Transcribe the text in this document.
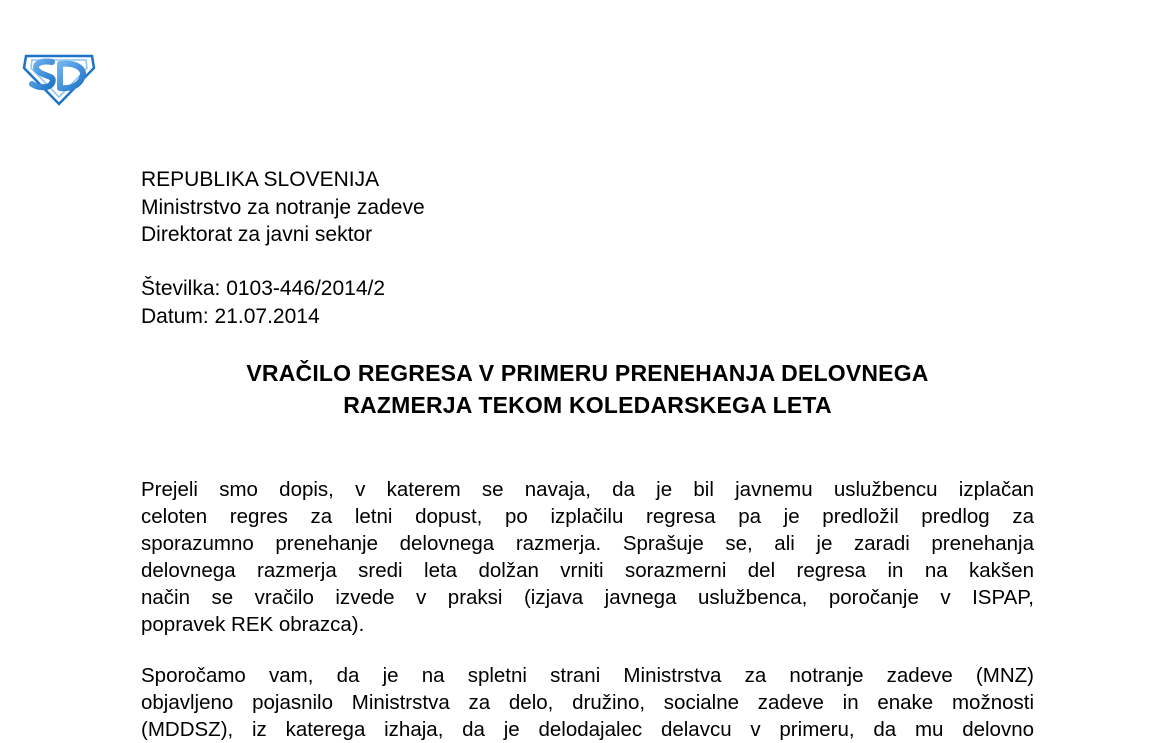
REPUBLIKA SLOVENIJA
Ministrstvo za notranje zadeve
Direktorat za javni sektor
Številka: 0103-446/2014/2
Datum: 21.07.2014
VRAČILO REGRESA V PRIMERU PRENEHANJA DELOVNEGA
RAZMERJA TEKOM KOLEDARSKEGA LETA
Prejeli smo dopis, v katerem se navaja, da je bil javnemu uslužbencu izplačan
celoten regres za letni dopust, po izplačilu regresa pa je predložil predlog za
sporazumno prenehanje delovnega razmerja. Sprašuje se, ali je zaradi prenehanja
delovnega razmerja sredi leta dolžan vrniti sorazmerni del regresa in na kakšen
način se vračilo izvede v praksi (izjava javnega uslužbenca, poročanje v ISPAP,
popravek REK obrazca).
Sporočamo vam, da je na spletni strani Ministrstva za notranje zadeve (MNZ)
objavljeno pojasnilo Ministrstva za delo, družino, socialne zadeve in enake možnosti
(MDDSZ), iz katerega izhaja, da je delodajalec delavcu v primeru, da mu delovno
